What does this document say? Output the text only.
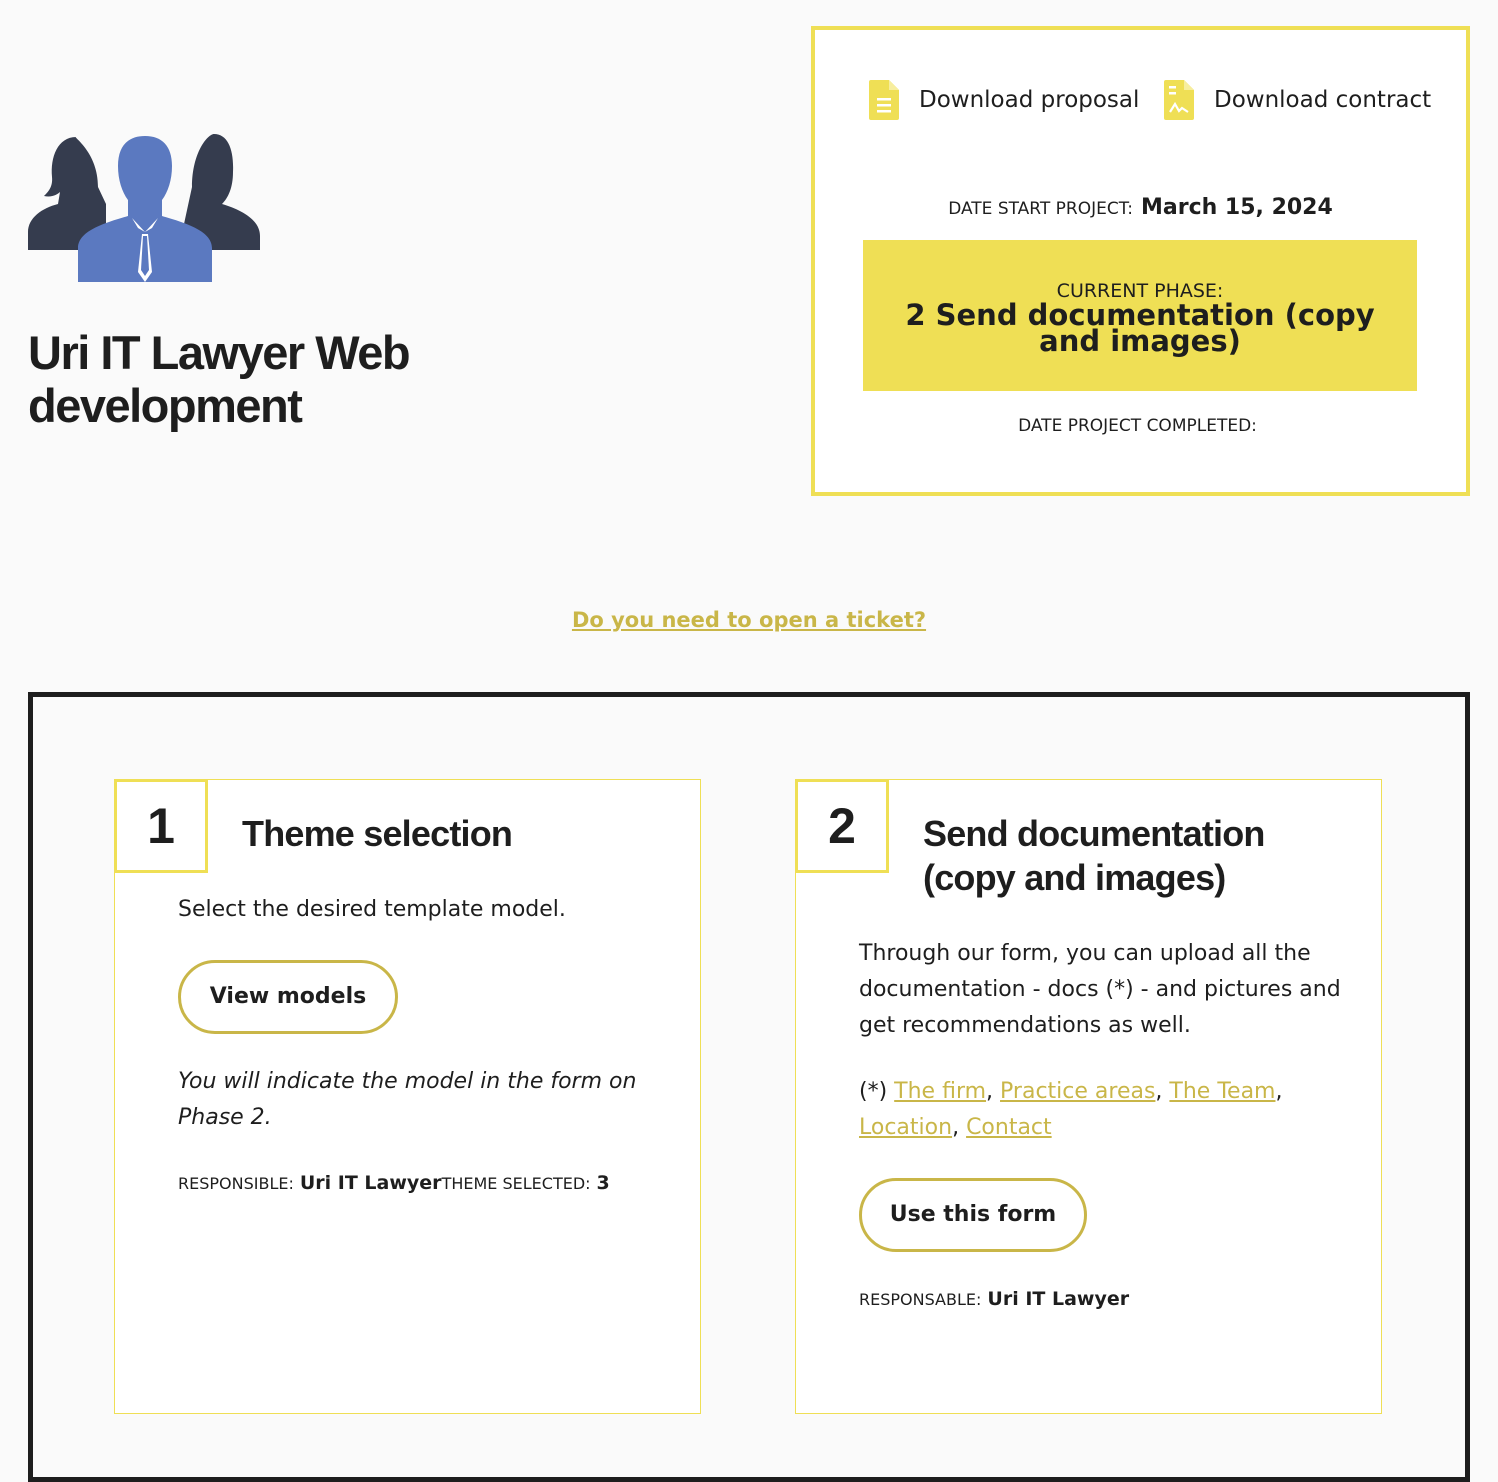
Uri IT Lawyer Web development
Download proposal	Download contract
DATE START PROJECT: March 15, 2024
CURRENT PHASE:
2 Send documentation (copy and images)
DATE PROJECT COMPLETED:
Do you need to open a ticket?
1	Theme selection
Select the desired template model.
View models
You will indicate the model in the form on Phase 2.
RESPONSIBLE: Uri IT LawyerTHEME SELECTED: 3
2	Send documentation (copy and images)
Through our form, you can upload all the documentation - docs (*) - and pictures and get recommendations as well.
(*) The firm, Practice areas, The Team, Location, Contact
Use this form
RESPONSABLE: Uri IT Lawyer
